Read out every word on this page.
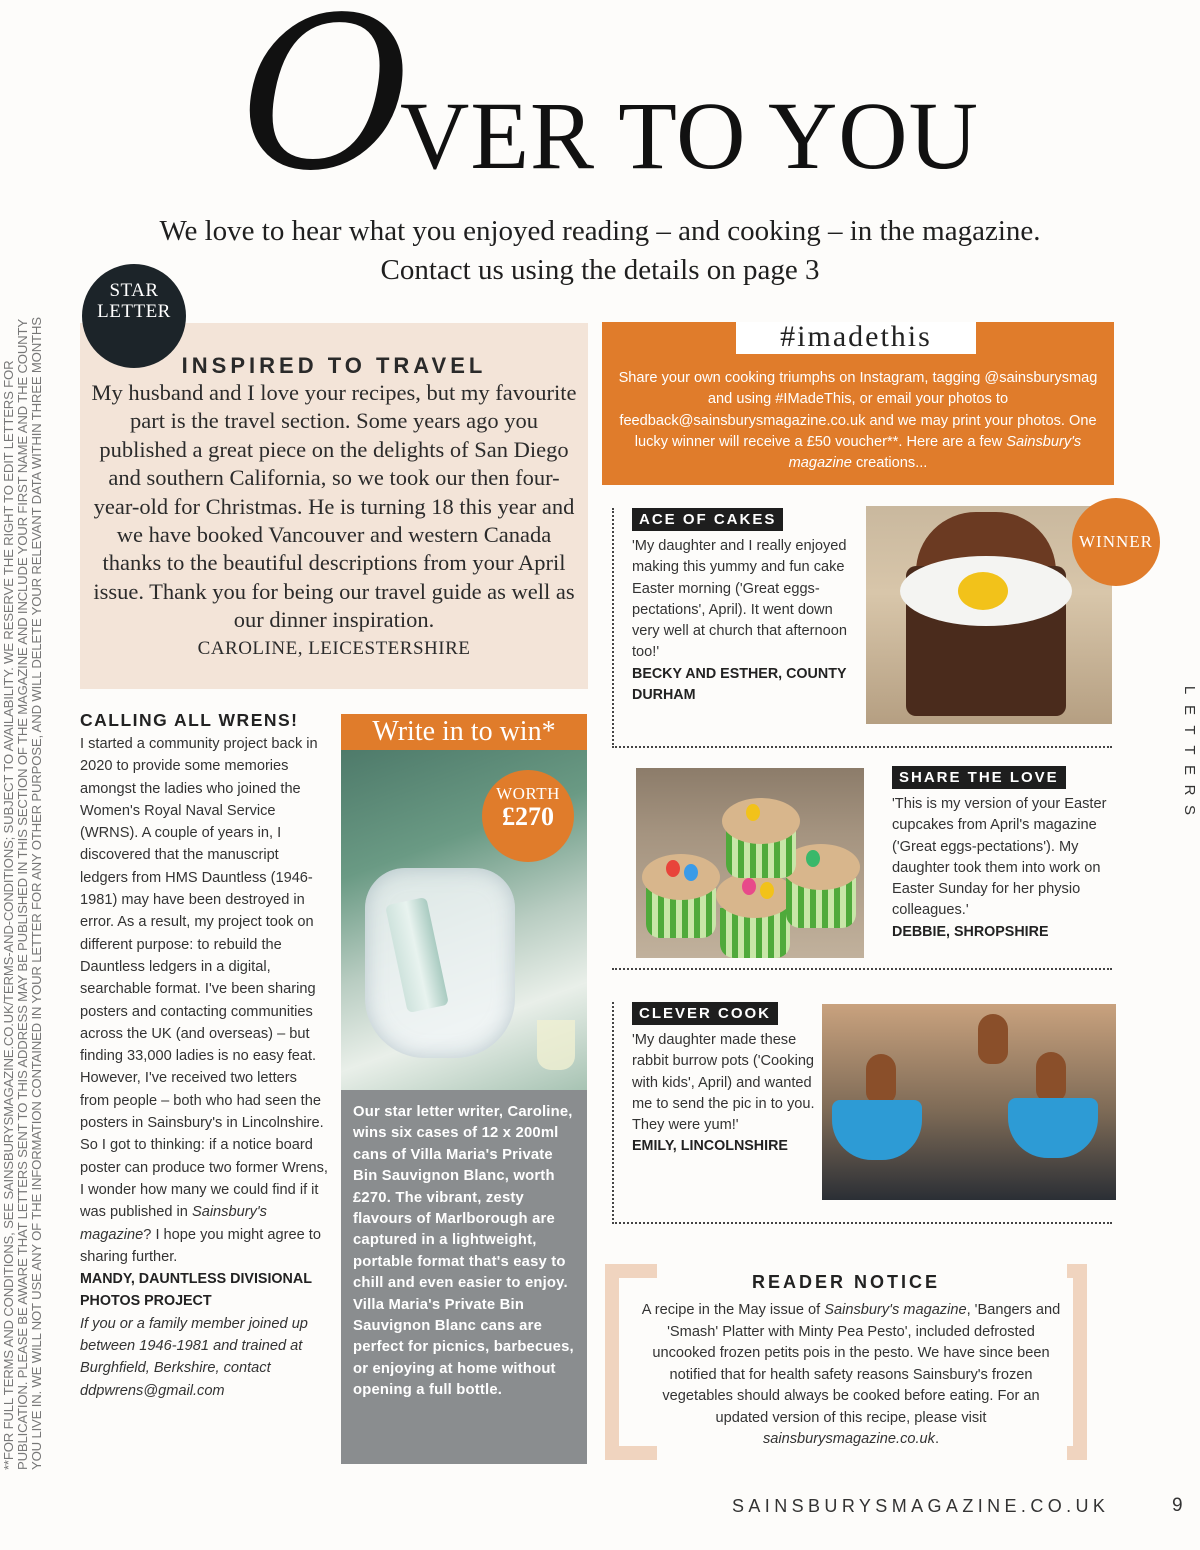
O
VER TO YOU
We love to hear what you enjoyed reading – and cooking – in the magazine.
Contact us using the details on page 3
**FOR FULL TERMS AND CONDITIONS, SEE SAINSBURYSMAGAZINE.CO.UK/TERMS-AND-CONDITIONS; SUBJECT TO AVAILABILITY. WE RESERVE THE RIGHT TO EDIT LETTERS FOR PUBLICATION. PLEASE BE AWARE THAT LETTERS SENT TO THIS ADDRESS MAY BE PUBLISHED IN THIS SECTION OF THE MAGAZINE AND INCLUDE YOUR FIRST NAME AND THE COUNTY YOU LIVE IN. WE WILL NOT USE ANY OF THE INFORMATION CONTAINED IN YOUR LETTER FOR ANY OTHER PURPOSE, AND WILL DELETE YOUR RELEVANT DATA WITHIN THREE MONTHS	L
E
T
T
E
R
S
STAR
LETTER
INSPIRED TO TRAVEL
My husband and I love your recipes, but my favourite part is the travel section. Some years ago you published a great piece on the delights of San Diego and southern California, so we took our then four-year-old for Christmas. He is turning 18 this year and we have booked Vancouver and western Canada thanks to the beautiful descriptions from your April issue. Thank you for being our travel guide as well as our dinner inspiration.
CAROLINE, LEICESTERSHIRE
CALLING ALL WRENS!

I started a community project back in 2020 to provide some memories amongst the ladies who joined the Women's Royal Naval Service (WRNS). A couple of years in, I discovered that the manuscript ledgers from HMS Dauntless (1946-1981) may have been destroyed in error. As a result, my project took on different purpose: to rebuild the Dauntless ledgers in a digital, searchable format. I've been sharing posters and contacting communities across the UK (and overseas) – but finding 33,000 ladies is no easy feat. However, I've received two letters from people – both who had seen the posters in Sainsbury's in Lincolnshire. So I got to thinking: if a notice board poster can produce two former Wrens, I wonder how many we could find if it was published in Sainsbury's magazine? I hope you might agree to sharing further.

MANDY, DAUNTLESS DIVISIONAL PHOTOS PROJECT

If you or a family member joined up between 1946-1981 and trained at Burghfield, Berkshire, contact ddpwrens@gmail.com

Write in to win*
Our star letter writer, Caroline, wins six cases of 12 x 200ml cans of Villa Maria's Private Bin Sauvignon Blanc, worth £270. The vibrant, zesty flavours of Marlborough are captured in a lightweight, portable format that's easy to chill and even easier to enjoy. Villa Maria's Private Bin Sauvignon Blanc cans are perfect for picnics, barbecues, or enjoying at home without opening a full bottle.
WORTH
£270
#imadethis
Share your own cooking triumphs on Instagram, tagging @sainsburysmag and using #IMadeThis, or email your photos to feedback@sainsburysmagazine.co.uk and we may print your photos. One lucky winner will receive a £50 voucher**. Here are a few Sainsbury's magazine creations...
ACE OF CAKES

'My daughter and I really enjoyed making this yummy and fun cake Easter morning ('Great eggs-pectations', April). It went down very well at church that afternoon too!'

BECKY AND ESTHER, COUNTY DURHAM

WINNER
SHARE THE LOVE

'This is my version of your Easter cupcakes from April's magazine ('Great eggs-pectations'). My daughter took them into work on Easter Sunday for her physio colleagues.'

DEBBIE, SHROPSHIRE

CLEVER COOK

'My daughter made these rabbit burrow pots ('Cooking with kids', April) and wanted me to send the pic in to you. They were yum!'

EMILY, LINCOLNSHIRE

READER NOTICE

A recipe in the May issue of Sainsbury's magazine, 'Bangers and 'Smash' Platter with Minty Pea Pesto', included defrosted uncooked frozen petits pois in the pesto. We have since been notified that for health safety reasons Sainsbury's frozen vegetables should always be cooked before eating. For an updated version of this recipe, please visit sainsburysmagazine.co.uk.

SAINSBURYSMAGAZINE.CO.UK	9
